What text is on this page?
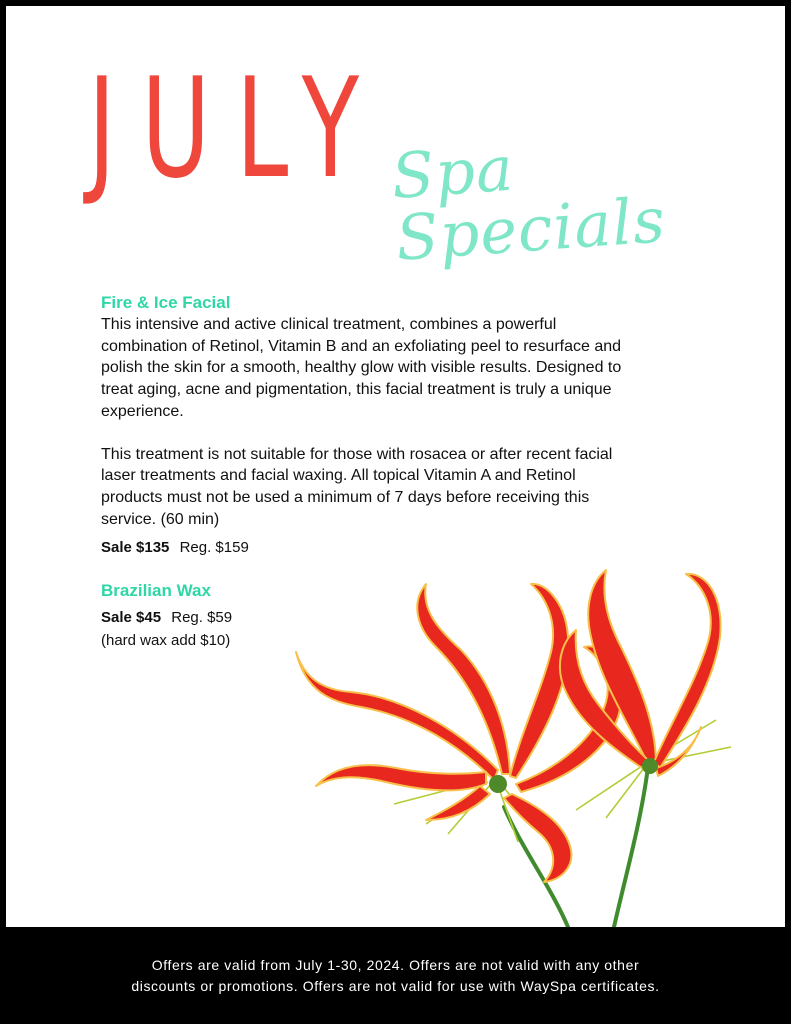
JULY Spa Specials
Fire & Ice Facial

This intensive and active clinical treatment, combines a powerful combination of Retinol, Vitamin B and an exfoliating peel to resurface and polish the skin for a smooth, healthy glow with visible results. Designed to treat aging, acne and pigmentation, this facial treatment is truly a unique experience.

This treatment is not suitable for those with rosacea or after recent facial laser treatments and facial waxing. All topical Vitamin A and Retinol products must not be used a minimum of 7 days before receiving this service. (60 min)

Sale $135 Reg. $159

Brazilian Wax

Sale $45 Reg. $59

(hard wax add $10)

Offers are valid from July 1-30, 2024. Offers are not valid with any other

discounts or promotions. Offers are not valid for use with WaySpa certificates.
